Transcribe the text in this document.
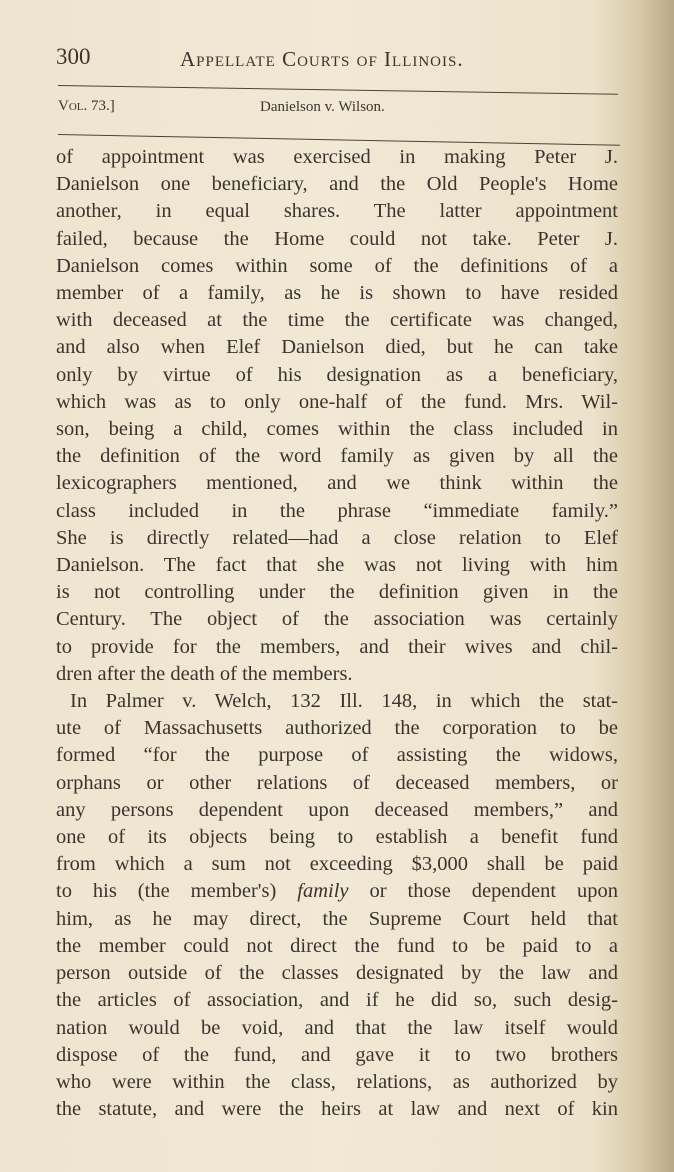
300	Appellate Courts of Illinois.
Vol. 73.]	Danielson v. Wilson.
of appointment was exercised in making Peter J.
Danielson one beneficiary, and the Old People's Home
another, in equal shares. The latter appointment
failed, because the Home could not take. Peter J.
Danielson comes within some of the definitions of a
member of a family, as he is shown to have resided
with deceased at the time the certificate was changed,
and also when Elef Danielson died, but he can take
only by virtue of his designation as a beneficiary,
which was as to only one-half of the fund. Mrs. Wil-
son, being a child, comes within the class included in
the definition of the word family as given by all the
lexicographers mentioned, and we think within the
class included in the phrase “immediate family.”
She is directly related—had a close relation to Elef
Danielson. The fact that she was not living with him
is not controlling under the definition given in the
Century. The object of the association was certainly
to provide for the members, and their wives and chil-
dren after the death of the members.
In Palmer v. Welch, 132 Ill. 148, in which the stat-
ute of Massachusetts authorized the corporation to be
formed “for the purpose of assisting the widows,
orphans or other relations of deceased members, or
any persons dependent upon deceased members,” and
one of its objects being to establish a benefit fund
from which a sum not exceeding $3,000 shall be paid
to his (the member's) family or those dependent upon
him, as he may direct, the Supreme Court held that
the member could not direct the fund to be paid to a
person outside of the classes designated by the law and
the articles of association, and if he did so, such desig-
nation would be void, and that the law itself would
dispose of the fund, and gave it to two brothers
who were within the class, relations, as authorized by
the statute, and were the heirs at law and next of kin
